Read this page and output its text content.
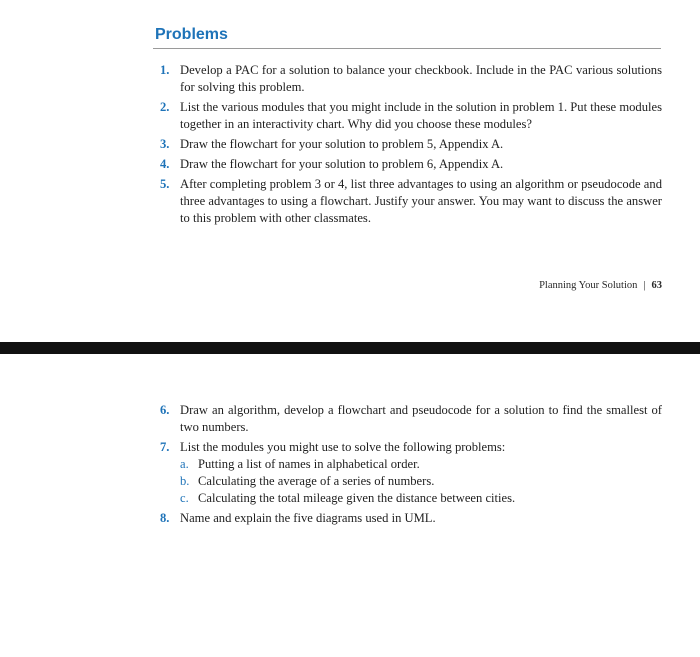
Problems
1. Develop a PAC for a solution to balance your checkbook. Include in the PAC various solutions for solving this problem.
2. List the various modules that you might include in the solution in problem 1. Put these modules together in an interactivity chart. Why did you choose these modules?
3. Draw the flowchart for your solution to problem 5, Appendix A.
4. Draw the flowchart for your solution to problem 6, Appendix A.
5. After completing problem 3 or 4, list three advantages to using an algorithm or pseudocode and three advantages to using a flowchart. Justify your answer. You may want to discuss the answer to this problem with other classmates.
Planning Your Solution | 63
6. Draw an algorithm, develop a flowchart and pseudocode for a solution to find the smallest of two numbers.
7. List the modules you might use to solve the following problems:
a. Putting a list of names in alphabetical order.
b. Calculating the average of a series of numbers.
c. Calculating the total mileage given the distance between cities.
8. Name and explain the five diagrams used in UML.
